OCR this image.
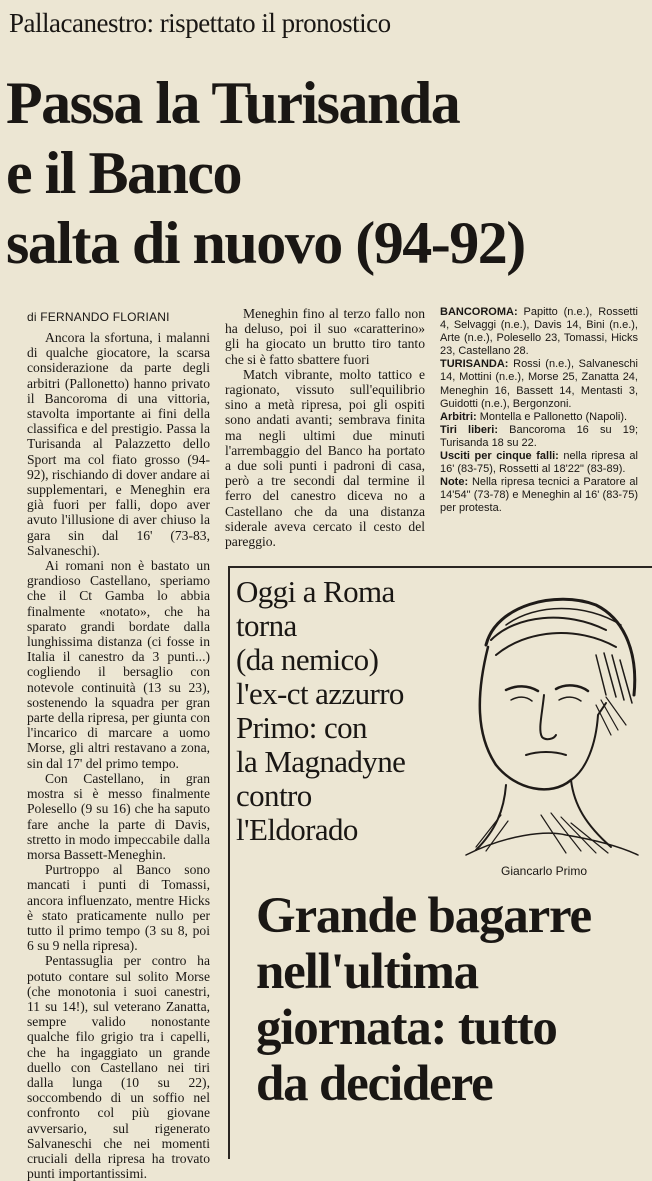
Pallacanestro: rispettato il pronostico
Passa la Turisanda
e il Banco
salta di nuovo (94-92)
di FERNANDO FLORIANI

Ancora la sfortuna, i malanni di qualche giocatore, la scarsa considerazione da parte degli arbitri (Pallonetto) hanno privato il Bancoroma di una vittoria, stavolta importante ai fini della classifica e del prestigio. Passa la Turisanda al Palazzetto dello Sport ma col fiato grosso (94-92), rischiando di dover andare ai supplementari, e Meneghin era già fuori per falli, dopo aver avuto l'illusione di aver chiuso la gara sin dal 16' (73-83, Salvaneschi).

Ai romani non è bastato un grandioso Castellano, speriamo che il Ct Gamba lo abbia finalmente «notato», che ha sparato grandi bordate dalla lunghissima distanza (ci fosse in Italia il canestro da 3 punti...) cogliendo il bersaglio con notevole continuità (13 su 23), sostenendo la squadra per gran parte della ripresa, per giunta con l'incarico di marcare a uomo Morse, gli altri restavano a zona, sin dal 17' del primo tempo.

Con Castellano, in gran mostra si è messo finalmente Polesello (9 su 16) che ha saputo fare anche la parte di Davis, stretto in modo impeccabile dalla morsa Bassett-Meneghin.

Purtroppo al Banco sono mancati i punti di Tomassi, ancora influenzato, mentre Hicks è stato praticamente nullo per tutto il primo tempo (3 su 8, poi 6 su 9 nella ripresa).

Pentassuglia per contro ha potuto contare sul solito Morse (che monotonia i suoi canestri, 11 su 14!), sul veterano Zanatta, sempre valido nonostante qualche filo grigio tra i capelli, che ha ingaggiato un grande duello con Castellano nei tiri dalla lunga (10 su 22), soccombendo di un soffio nel confronto col più giovane avversario, sul rigenerato Salvaneschi che nei momenti cruciali della ripresa ha trovato punti importantissimi.

Meneghin fino al terzo fallo non ha deluso, poi il suo «caratterino» gli ha giocato un brutto tiro tanto che si è fatto sbattere fuori

Match vibrante, molto tattico e ragionato, vissuto sull'equilibrio sino a metà ripresa, poi gli ospiti sono andati avanti; sembrava finita ma negli ultimi due minuti l'arrembaggio del Banco ha portato a due soli punti i padroni di casa, però a tre secondi dal termine il ferro del canestro diceva no a Castellano che da una distanza siderale aveva cercato il cesto del pareggio.

BANCOROMA: Papitto (n.e.), Rossetti 4, Selvaggi (n.e.), Davis 14, Bini (n.e.), Arte (n.e.), Polesello 23, Tomassi, Hicks 23, Castellano 28.

TURISANDA: Rossi (n.e.), Salvaneschi 14, Mottini (n.e.), Morse 25, Zanatta 24, Meneghin 16, Bassett 14, Mentasti 3, Guidotti (n.e.), Bergonzoni.

Arbitri: Montella e Pallonetto (Napoli).

Tiri liberi: Bancoroma 16 su 19; Turisanda 18 su 22.

Usciti per cinque falli: nella ripresa al 16' (83-75), Rossetti al 18'22" (83-89).

Note: Nella ripresa tecnici a Paratore al 14'54" (73-78) e Meneghin al 16' (83-75) per protesta.

Oggi a Roma
torna
(da nemico)
l'ex-ct azzurro
Primo: con
la Magnadyne
contro
l'Eldorado
Giancarlo Primo
Grande bagarre
nell'ultima
giornata: tutto
da decidere
